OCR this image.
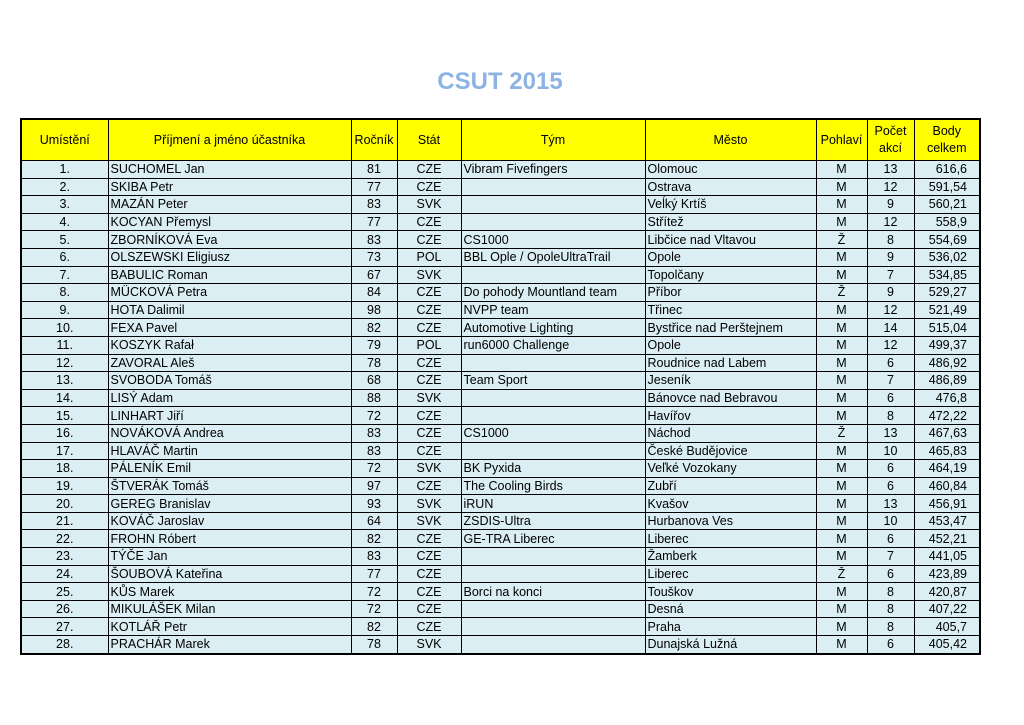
CSUT 2015
Umístění	Příjmení a jméno účastníka	Ročník	Stát	Tým	Město	Pohlaví	Počet akcí	Body celkem
1.	SUCHOMEL Jan	81	CZE	Vibram Fivefingers	Olomouc	M	13	616,6
2.	SKIBA Petr	77	CZE		Ostrava	M	12	591,54
3.	MAZÁN Peter	83	SVK		Veĺký Krtíš	M	9	560,21
4.	KOCYAN Přemysl	77	CZE		Střítež	M	12	558,9
5.	ZBORNÍKOVÁ Eva	83	CZE	CS1000	Libčice nad Vltavou	Ž	8	554,69
6.	OLSZEWSKI Eligiusz	73	POL	BBL Ople / OpoleUltraTrail	Opole	M	9	536,02
7.	BABULIC Roman	67	SVK		Topolčany	M	7	534,85
8.	MÜCKOVÁ Petra	84	CZE	Do pohody Mountland team	Příbor	Ž	9	529,27
9.	HOTA Dalimil	98	CZE	NVPP team	Třinec	M	12	521,49
10.	FEXA Pavel	82	CZE	Automotive Lighting	Bystřice nad Perštejnem	M	14	515,04
11.	KOSZYK Rafał	79	POL	run6000 Challenge	Opole	M	12	499,37
12.	ZAVORAL Aleš	78	CZE		Roudnice nad Labem	M	6	486,92
13.	SVOBODA Tomáš	68	CZE	Team Sport	Jeseník	M	7	486,89
14.	LISÝ Adam	88	SVK		Bánovce nad Bebravou	M	6	476,8
15.	LINHART Jiří	72	CZE		Havířov	M	8	472,22
16.	NOVÁKOVÁ Andrea	83	CZE	CS1000	Náchod	Ž	13	467,63
17.	HLAVÁČ Martin	83	CZE		České Budějovice	M	10	465,83
18.	PÁLENÍK Emil	72	SVK	BK Pyxida	Veľké Vozokany	M	6	464,19
19.	ŠTVERÁK Tomáš	97	CZE	The Cooling Birds	Zubří	M	6	460,84
20.	GEREG Branislav	93	SVK	iRUN	Kvašov	M	13	456,91
21.	KOVÁČ Jaroslav	64	SVK	ZSDIS-Ultra	Hurbanova Ves	M	10	453,47
22.	FROHN Róbert	82	CZE	GE-TRA Liberec	Liberec	M	6	452,21
23.	TÝČE Jan	83	CZE		Žamberk	M	7	441,05
24.	ŠOUBOVÁ Kateřina	77	CZE		Liberec	Ž	6	423,89
25.	KŮS Marek	72	CZE	Borci na konci	Touškov	M	8	420,87
26.	MIKULÁŠEK Milan	72	CZE		Desná	M	8	407,22
27.	KOTLÁŘ Petr	82	CZE		Praha	M	8	405,7
28.	PRACHÁR Marek	78	SVK		Dunajská Lužná	M	6	405,42
